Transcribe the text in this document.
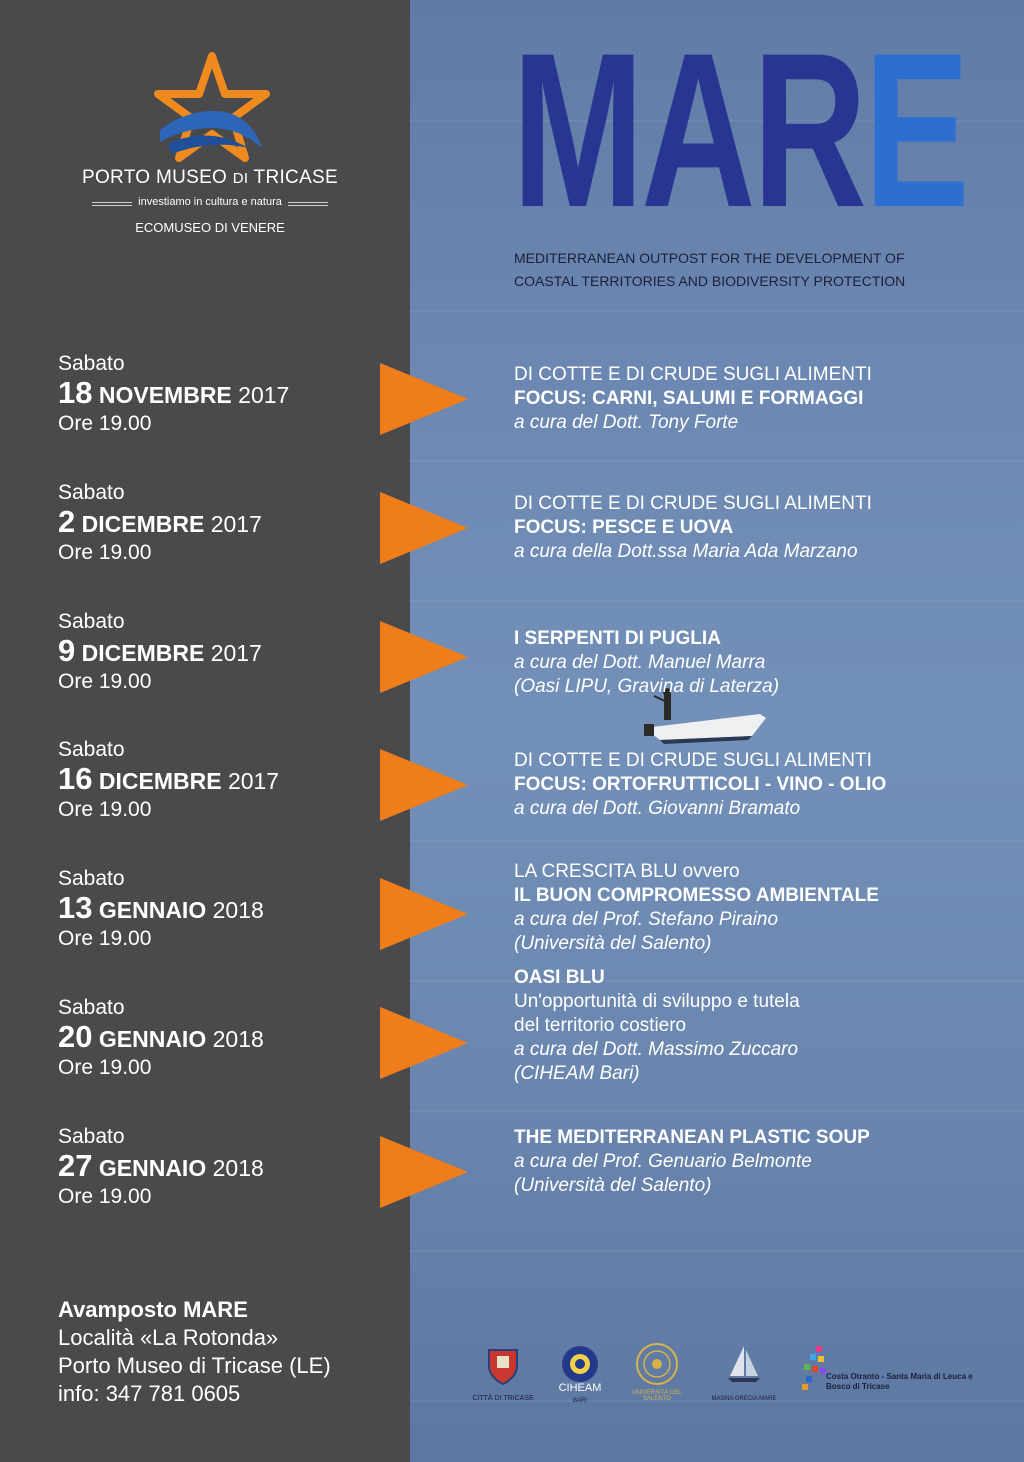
PORTO MUSEO DI TRICASE
investiamo in cultura e natura
ECOMUSEO DI VENERE	MARE
MEDITERRANEAN OUTPOST FOR THE DEVELOPMENT OF
COASTAL TERRITORIES AND BIODIVERSITY PROTECTION
Sabato
18 NOVEMBRE 2017
Ore 19.00
DI COTTE E DI CRUDE SUGLI ALIMENTI
FOCUS: CARNI, SALUMI E FORMAGGI
a cura del Dott. Tony Forte
Sabato
2 DICEMBRE 2017
Ore 19.00
DI COTTE E DI CRUDE SUGLI ALIMENTI
FOCUS: PESCE E UOVA
a cura della Dott.ssa Maria Ada Marzano
Sabato
9 DICEMBRE 2017
Ore 19.00
I SERPENTI DI PUGLIA
a cura del Dott. Manuel Marra
(Oasi LIPU, Gravina di Laterza)
Sabato
16 DICEMBRE 2017
Ore 19.00
DI COTTE E DI CRUDE SUGLI ALIMENTI
FOCUS: ORTOFRUTTICOLI - VINO - OLIO
a cura del Dott. Giovanni Bramato
Sabato
13 GENNAIO 2018
Ore 19.00
LA CRESCITA BLU ovvero
IL BUON COMPROMESSO AMBIENTALE
a cura del Prof. Stefano Piraino
(Università del Salento)
Sabato
20 GENNAIO 2018
Ore 19.00
OASI BLU
Un'opportunità di sviluppo e tutela
del territorio costiero
a cura del Dott. Massimo Zuccaro
(CIHEAM Bari)
Sabato
27 GENNAIO 2018
Ore 19.00
THE MEDITERRANEAN PLASTIC SOUP
a cura del Prof. Genuario Belmonte
(Università del Salento)
Avamposto MARE
Località «La Rotonda»
Porto Museo di Tricase (LE)
info: 347 781 0605	CITTÀ DI TRICASE
CIHEAM
BARI
UNIVERSITÀ DEL SALENTO	MAGNA GRECIA MARE
Costa Otranto - Santa Maria di Leuca e Bosco di Tricase
